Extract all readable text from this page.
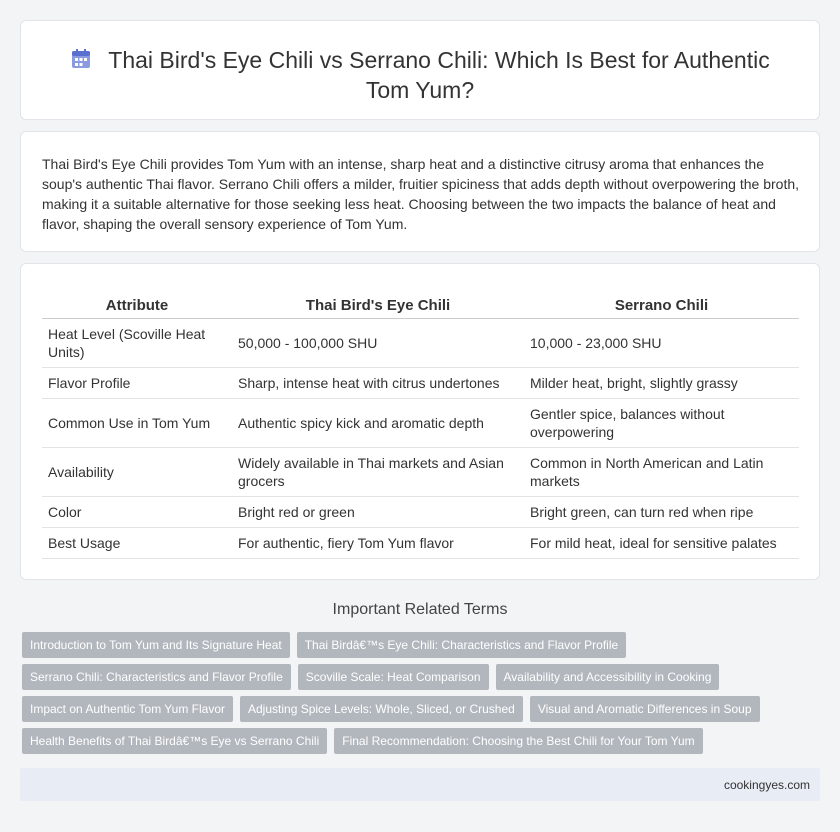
Thai Bird's Eye Chili vs Serrano Chili: Which Is Best for Authentic Tom Yum?

Thai Bird's Eye Chili provides Tom Yum with an intense, sharp heat and a distinctive citrusy aroma that enhances the soup's authentic Thai flavor. Serrano Chili offers a milder, fruitier spiciness that adds depth without overpowering the broth, making it a suitable alternative for those seeking less heat. Choosing between the two impacts the balance of heat and flavor, shaping the overall sensory experience of Tom Yum.

Attribute	Thai Bird's Eye Chili	Serrano Chili
Heat Level (Scoville Heat Units)	50,000 - 100,000 SHU	10,000 - 23,000 SHU
Flavor Profile	Sharp, intense heat with citrus undertones	Milder heat, bright, slightly grassy
Common Use in Tom Yum	Authentic spicy kick and aromatic depth	Gentler spice, balances without overpowering
Availability	Widely available in Thai markets and Asian grocers	Common in North American and Latin markets
Color	Bright red or green	Bright green, can turn red when ripe
Best Usage	For authentic, fiery Tom Yum flavor	For mild heat, ideal for sensitive palates
Important Related Terms
Introduction to Tom Yum and Its Signature Heat	Thai Birdâ€™s Eye Chili: Characteristics and Flavor Profile
Serrano Chili: Characteristics and Flavor Profile	Scoville Scale: Heat Comparison	Availability and Accessibility in Cooking
Impact on Authentic Tom Yum Flavor	Adjusting Spice Levels: Whole, Sliced, or Crushed	Visual and Aromatic Differences in Soup
Health Benefits of Thai Birdâ€™s Eye vs Serrano Chili	Final Recommendation: Choosing the Best Chili for Your Tom Yum
cookingyes.com
